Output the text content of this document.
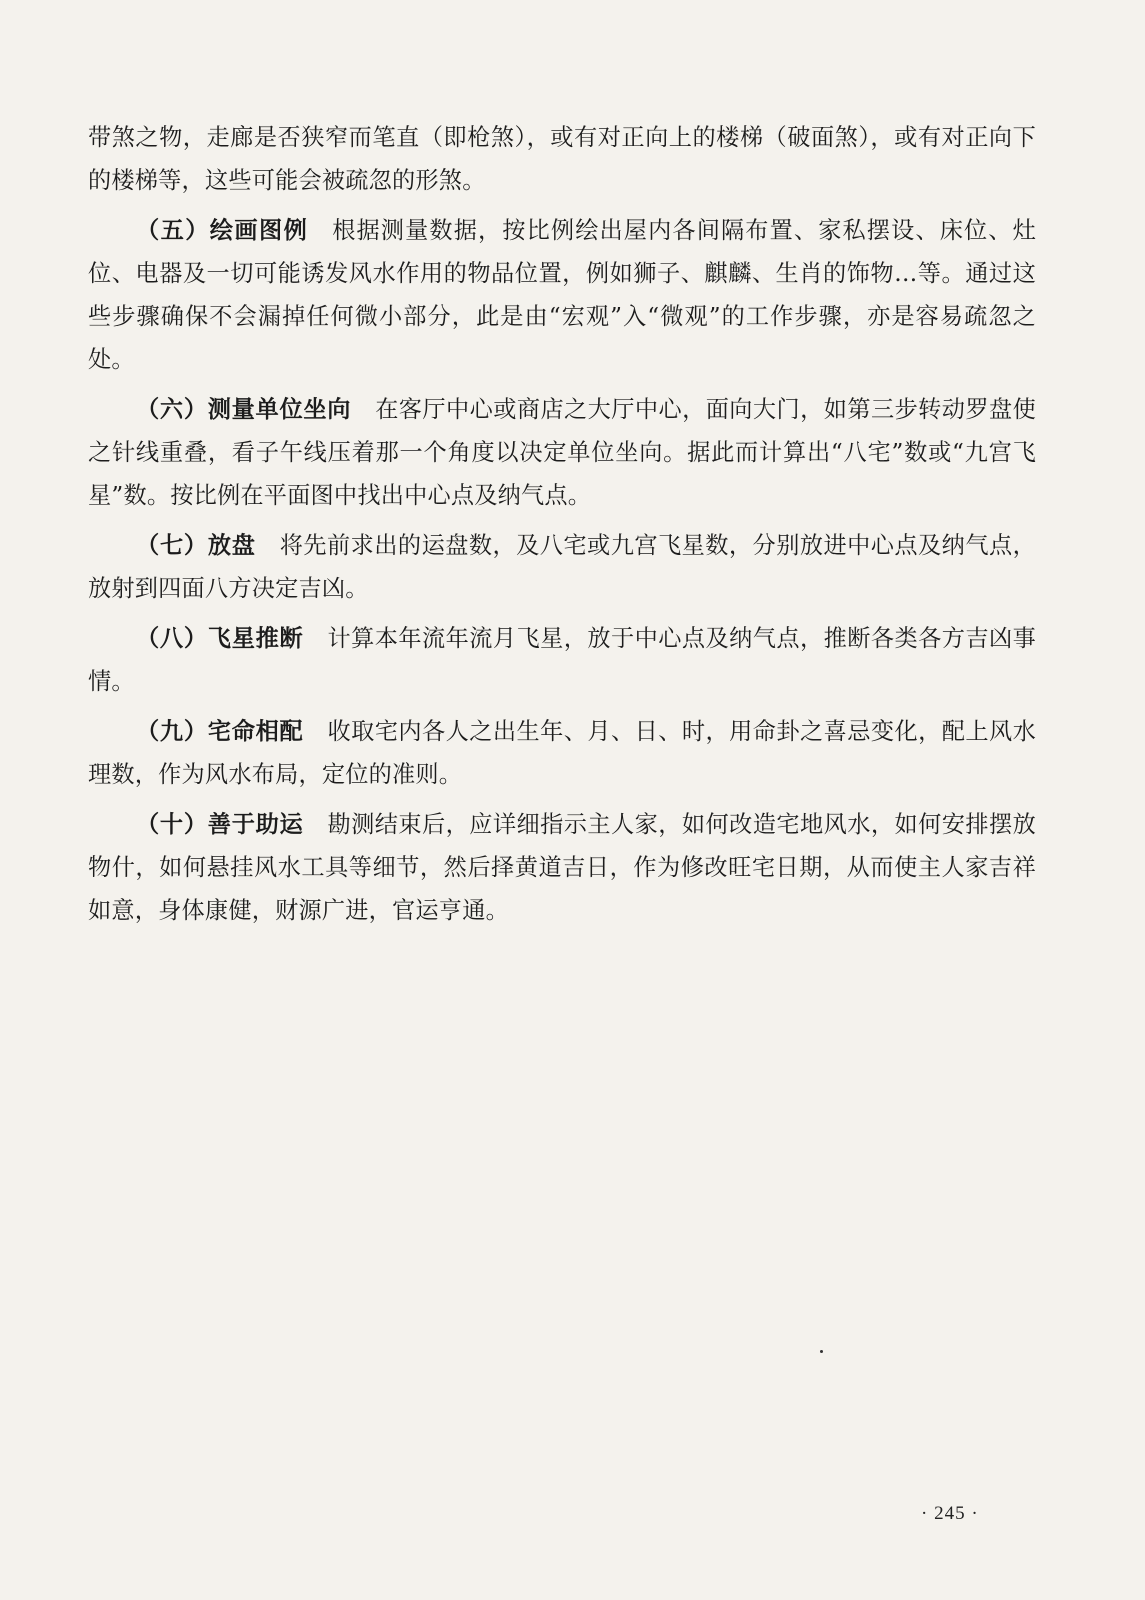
带煞之物，走廊是否狭窄而笔直（即枪煞），或有对正向上的楼梯（破面煞），或有对正向下的楼梯等，这些可能会被疏忽的形煞。

（五）绘画图例 根据测量数据，按比例绘出屋内各间隔布置、家私摆设、床位、灶位、电器及一切可能诱发风水作用的物品位置，例如狮子、麒麟、生肖的饰物…等。通过这些步骤确保不会漏掉任何微小部分，此是由“宏观”入“微观”的工作步骤，亦是容易疏忽之处。

（六）测量单位坐向 在客厅中心或商店之大厅中心，面向大门，如第三步转动罗盘使之针线重叠，看子午线压着那一个角度以决定单位坐向。据此而计算出“八宅”数或“九宫飞星”数。按比例在平面图中找出中心点及纳气点。

（七）放盘 将先前求出的运盘数，及八宅或九宫飞星数，分别放进中心点及纳气点，放射到四面八方决定吉凶。

（八）飞星推断 计算本年流年流月飞星，放于中心点及纳气点，推断各类各方吉凶事情。

（九）宅命相配 收取宅内各人之出生年、月、日、时，用命卦之喜忌变化，配上风水理数，作为风水布局，定位的准则。

（十）善于助运 勘测结束后，应详细指示主人家，如何改造宅地风水，如何安排摆放物什，如何悬挂风水工具等细节，然后择黄道吉日，作为修改旺宅日期，从而使主人家吉祥如意，身体康健，财源广进，官运亨通。

· 245 ·
